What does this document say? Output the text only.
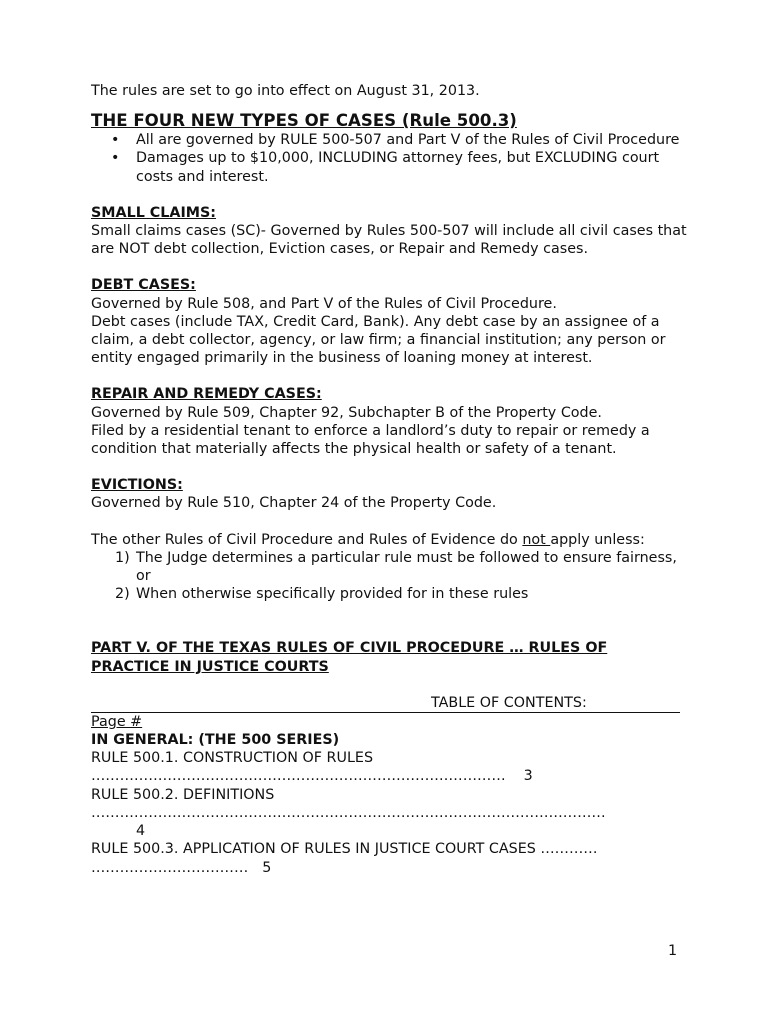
The rules are set to go into effect on August 31, 2013.

THE FOUR NEW TYPES OF CASES (Rule 500.3)

• All are governed by RULE 500-507 and Part V of the Rules of Civil Procedure
• Damages up to $10,000, INCLUDING attorney fees, but EXCLUDING court costs and interest.

SMALL CLAIMS:

Small claims cases (SC)- Governed by Rules 500-507 will include all civil cases that are NOT debt collection, Eviction cases, or Repair and Remedy cases.

DEBT CASES:

Governed by Rule 508, and Part V of the Rules of Civil Procedure.

Debt cases (include TAX, Credit Card, Bank). Any debt case by an assignee of a claim, a debt collector, agency, or law firm; a financial institution; any person or entity engaged primarily in the business of loaning money at interest.

REPAIR AND REMEDY CASES:

Governed by Rule 509, Chapter 92, Subchapter B of the Property Code.

Filed by a residential tenant to enforce a landlord’s duty to repair or remedy a condition that materially affects the physical health or safety of a tenant.

EVICTIONS:

Governed by Rule 510, Chapter 24 of the Property Code.

The other Rules of Civil Procedure and Rules of Evidence do not apply unless:

1) The Judge determines a particular rule must be followed to ensure fairness, or
2) When otherwise specifically provided for in these rules

PART V. OF THE TEXAS RULES OF CIVIL PROCEDURE … RULES OF PRACTICE IN JUSTICE COURTS

TABLE OF CONTENTS:

Page #

IN GENERAL: (THE 500 SERIES)

RULE 500.1. CONSTRUCTION OF RULES

…………………………………………………………………………… 3

RULE 500.2. DEFINITIONS

………………………………………………………………………………………………

4

RULE 500.3. APPLICATION OF RULES IN JUSTICE COURT CASES …………

…………………………… 5

1
